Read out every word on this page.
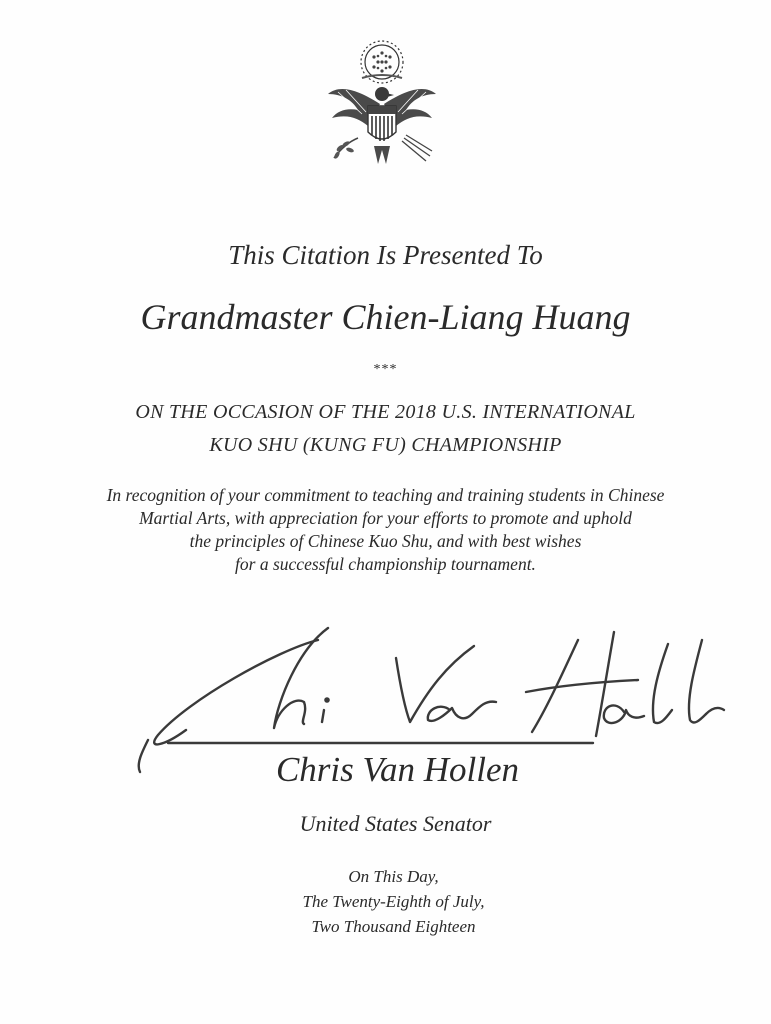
This Citation Is Presented To
Grandmaster Chien-Liang Huang
***
ON THE OCCASION OF THE 2018 U.S. INTERNATIONAL
KUO SHU (KUNG FU) CHAMPIONSHIP
In recognition of your commitment to teaching and training students in Chinese
Martial Arts, with appreciation for your efforts to promote and uphold
the principles of Chinese Kuo Shu, and with best wishes
for a successful championship tournament.
Chris Van Hollen
United States Senator
On This Day,
The Twenty-Eighth of July,
Two Thousand Eighteen
